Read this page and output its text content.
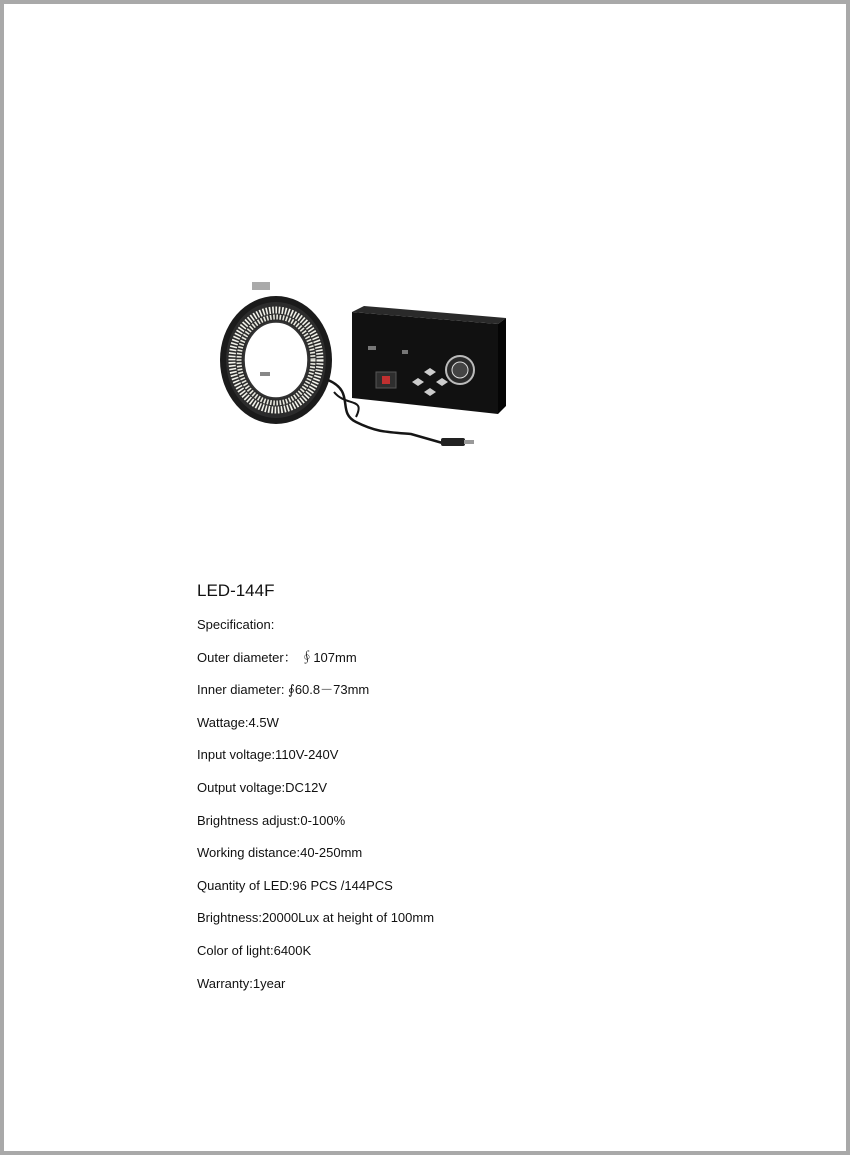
LED-144F
Specification:
Outer diameter： ∮107mm
Inner diameter: ∮60.8－73mm
Wattage:4.5W
Input voltage:110V-240V
Output voltage:DC12V
Brightness adjust:0-100%
Working distance:40-250mm
Quantity of LED:96 PCS /144PCS
Brightness:20000Lux at height of 100mm
Color of light:6400K
Warranty:1year
